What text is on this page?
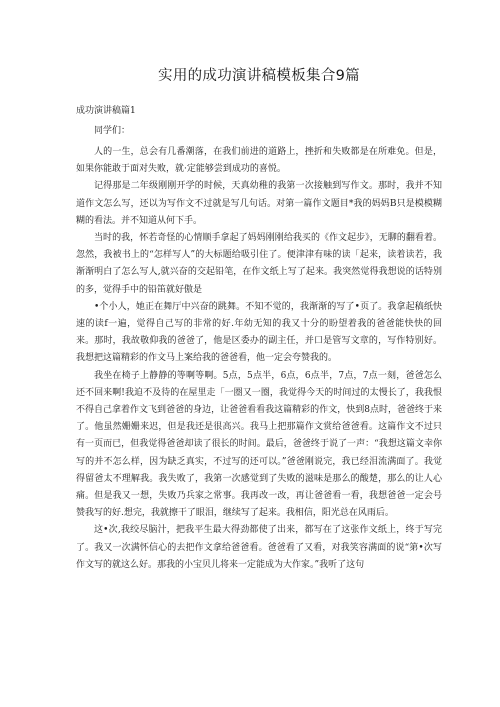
实用的成功演讲稿模板集合9篇
成功演讲稿篇1
同学们：

人的一生，总会有几番潮落，在我们前进的道路上，挫折和失败都是在所难免。但是，如果你能敢于面对失败，就·定能够尝到成功的喜悦。

记得那是二年级刚刚开学的时候，天真幼稚的我第一次接触到写作文。那时，我并不知道作文怎么写，还以为写作文不过就是写几句话。对第一篇作文题目*我的妈妈B只是模模糊糊的看法。并不知道从何下手。

当时的我，怀若奇怪的心情顺手拿起了妈妈刚刚给我买的《作文起步》，无聊的翻看着。忽然，我被书上的“怎样写人”的大标题给吸引住了。便津津有味的读「起来，读着读若，我渐渐明白了怎么写人,就兴奋的交起铅笔，在作文纸上写了起来。我突然觉得我想说的话特别的多，觉得手中的铅笛就好傲是

•个小人，她正在舞厅中兴奋的跳舞。不知不觉的，我渐渐的写了•页了。我拿起稿纸快速的读f一遍，觉得自己写的非常的好.年幼无知的我又十分的盼望着我的爸爸能快快的回来。那时，我故敬仰我的爸爸了，他是区委办的副主任，并口是管写文章的，写作特别好。我想把这篇精彩的作文马上案给我的爸爸看，他一定会夸赞我的。

我坐在椅子上静静的等啊等啊。5点，5点半，6点，6点半，7点，7点一刻，爸爸怎么还不回来啊!我迫不及待的在屋里走「一圈又一圈，我觉得今天的时间过的太慢长了，我我恨不得自己拿着作文飞到爸爸的身边，让爸爸看看我这篇精彩的作文，快到8点时，爸爸终于来了。他虽然姗姗来迟，但是我还是很高兴。我马上把那篇作文赏给爸爸看。这篇作文不过只有一页而已，但我觉得爸爸却读了很长的时间。最后，爸爸终于说了一声：“我想这篇文幸你写的并不怎么样，因为缺乏真实，不过写的还可以。”爸爸刚说完，我已经泪流满面了。我觉得留爸太不理解我。我失败了，我第一次感觉到了失败的滋味是那么的酸楚，那么的让人心痛。但是我又一想，失败乃兵家之常事。我再改一改，再让爸爸看一看，我想爸爸一定会号赞我写的好.想完，我就擦干了眼泪，继续写了起来。我相信，阳光总在风雨后。

这•次,我绞尽脑汁，把我平生最大得劲都使了出来，都写在了这张作文纸上，终于写完了。我又一次满怀信心的去把作文拿给爸爸看。爸爸看了又看，对我笑容满面的说“第•次写作文写的就这么好。那我的小宝贝儿将来一定能成为大作家。”我听了这句
